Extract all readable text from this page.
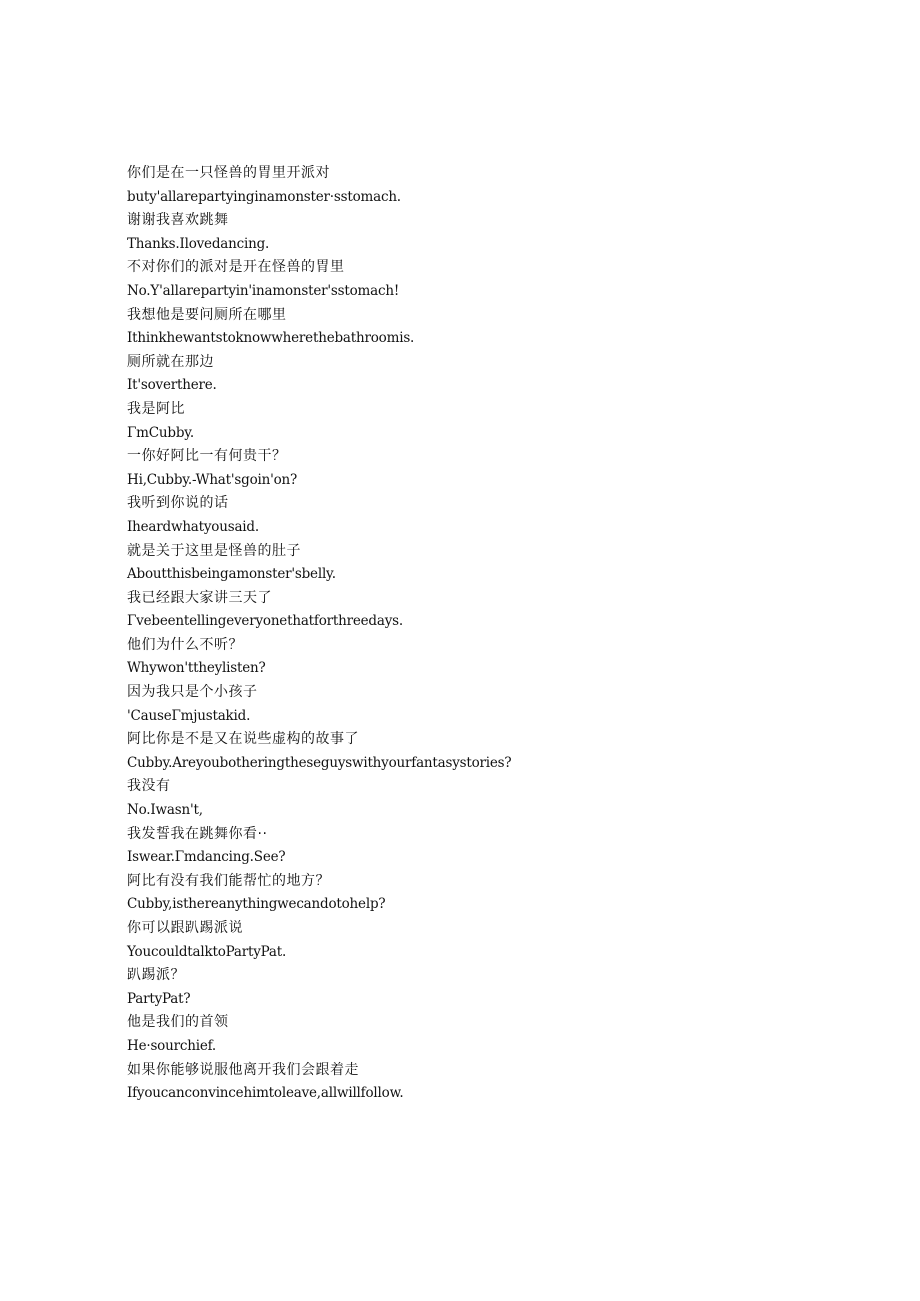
你们是在一只怪兽的胃里开派对
buty'allarepartyinginamonster·sstomach.
谢谢我喜欢跳舞
Thanks.Ilovedancing.
不对你们的派对是开在怪兽的胃里
No.Y'allarepartyin'inamonster'sstomach!
我想他是要问厕所在哪里
Ithinkhewantstoknowwherethebathroomis.
厕所就在那边
It'soverthere.
我是阿比
ΓmCubby.
一你好阿比一有何贵干？
Hi,Cubby.-What'sgoin'on?
我听到你说的话
Iheardwhatyousaid.
就是关于这里是怪兽的肚子
Aboutthisbeingamonster'sbelly.
我已经跟大家讲三天了
Γvebeentellingeveryonethatforthreedays.
他们为什么不听？
Whywon'ttheylisten?
因为我只是个小孩子
'CauseΓmjustakid.
阿比你是不是又在说些虚构的故事了
Cubby.Areyoubotheringtheseguyswithyourfantasystories?
我没有
No.Iwasn't,
我发誓我在跳舞你看··
Iswear.Γmdancing.See?
阿比有没有我们能帮忙的地方？
Cubby,isthereanythingwecandotohelp?
你可以跟趴踢派说
YoucouldtalktoPartyPat.
趴踢派？
PartyPat?
他是我们的首领
He·sourchief.
如果你能够说服他离开我们会跟着走
Ifyoucanconvincehimtoleave,allwillfollow.
